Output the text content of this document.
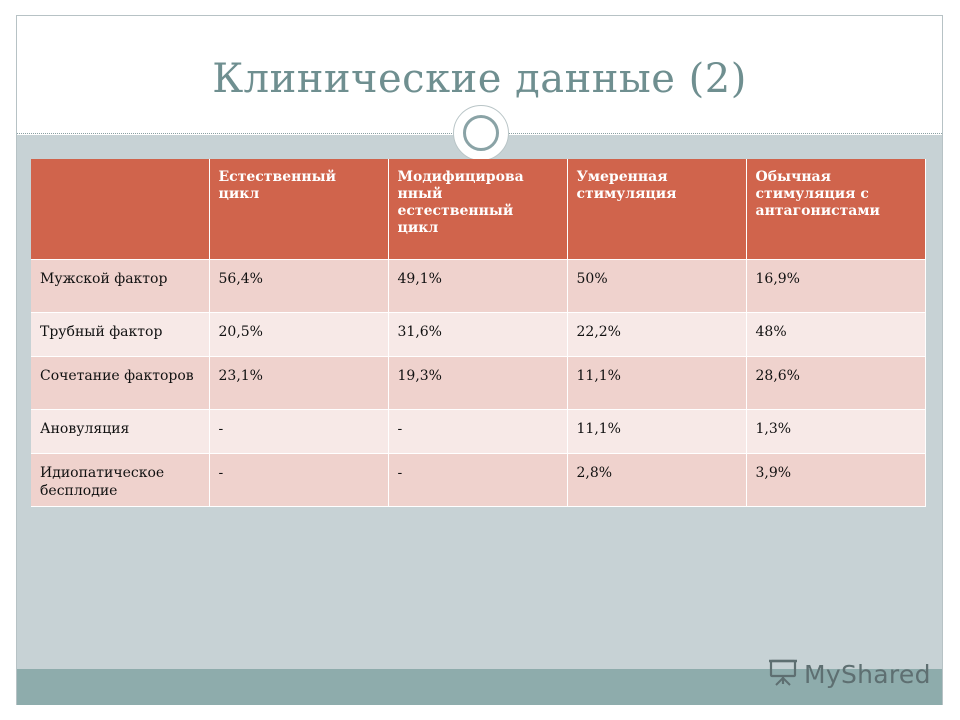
Клинические данные (2)
	Естественный цикл	Модифицирова нный естественный цикл	Умеренная стимуляция	Обычная стимуляция с антагонистами
Мужской фактор	56,4%	49,1%	50%	16,9%
Трубный фактор	20,5%	31,6%	22,2%	48%
Сочетание факторов	23,1%	19,3%	11,1%	28,6%
Ановуляция	-	-	11,1%	1,3%
Идиопатическое бесплодие	-	-	2,8%	3,9%
MyShared
